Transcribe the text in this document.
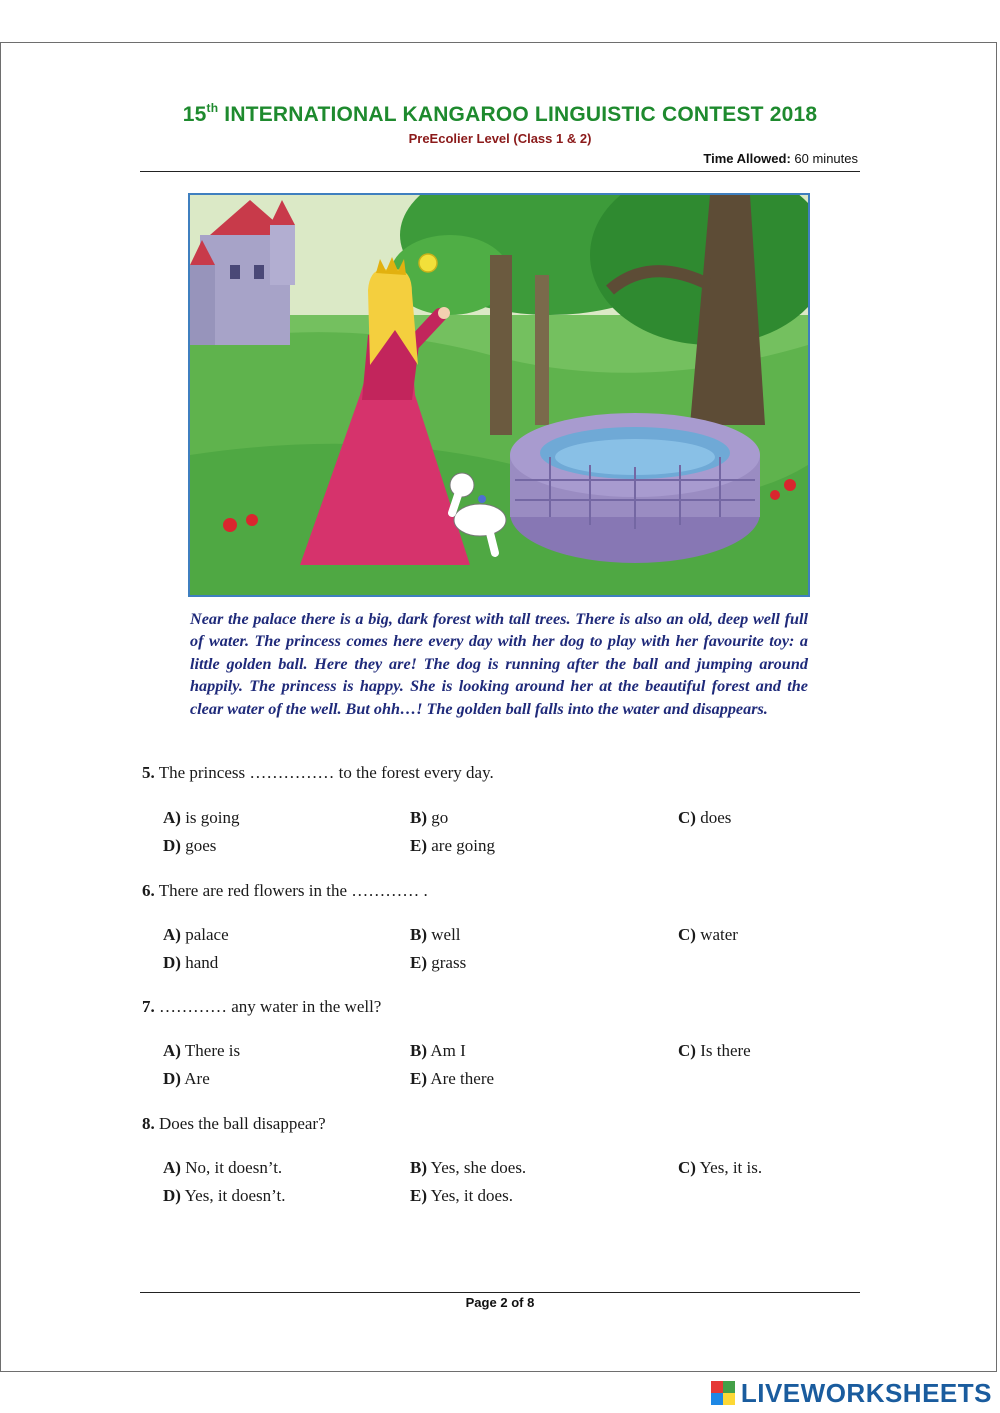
15th INTERNATIONAL KANGAROO LINGUISTIC CONTEST 2018
PreEcolier Level (Class 1 & 2)
Time Allowed: 60 minutes
Near the palace there is a big, dark forest with tall trees. There is also an old, deep well full of water. The princess comes here every day with her dog to play with her favourite toy: a little golden ball. Here they are! The dog is running after the ball and jumping around happily. The princess is happy. She is looking around her at the beautiful forest and the clear water of the well. But ohh…! The golden ball falls into the water and disappears.
5. The princess …………… to the forest every day.
A) is going	B) go	C) does
D) goes	E) are going
6. There are red flowers in the ………… .
A) palace	B) well	C) water
D) hand	E) grass
7. ………… any water in the well?
A) There is	B) Am I	C) Is there
D) Are	E) Are there
8. Does the ball disappear?
A) No, it doesn’t.	B) Yes, she does.	C) Yes, it is.
D) Yes, it doesn’t.	E) Yes, it does.
Page 2 of 8
LIVEWORKSHEETS
